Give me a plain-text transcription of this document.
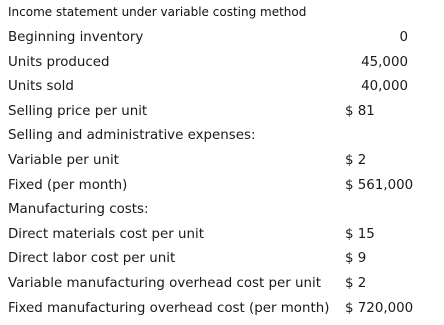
Income statement under variable costing method
Beginning inventory	0
Units produced	45,000
Units sold	40,000
Selling price per unit	$ 81
Selling and administrative expenses:
Variable per unit	$ 2
Fixed (per month)	$ 561,000
Manufacturing costs:
Direct materials cost per unit	$ 15
Direct labor cost per unit	$ 9
Variable manufacturing overhead cost per unit $ 2
Fixed manufacturing overhead cost (per month) $ 720,000
